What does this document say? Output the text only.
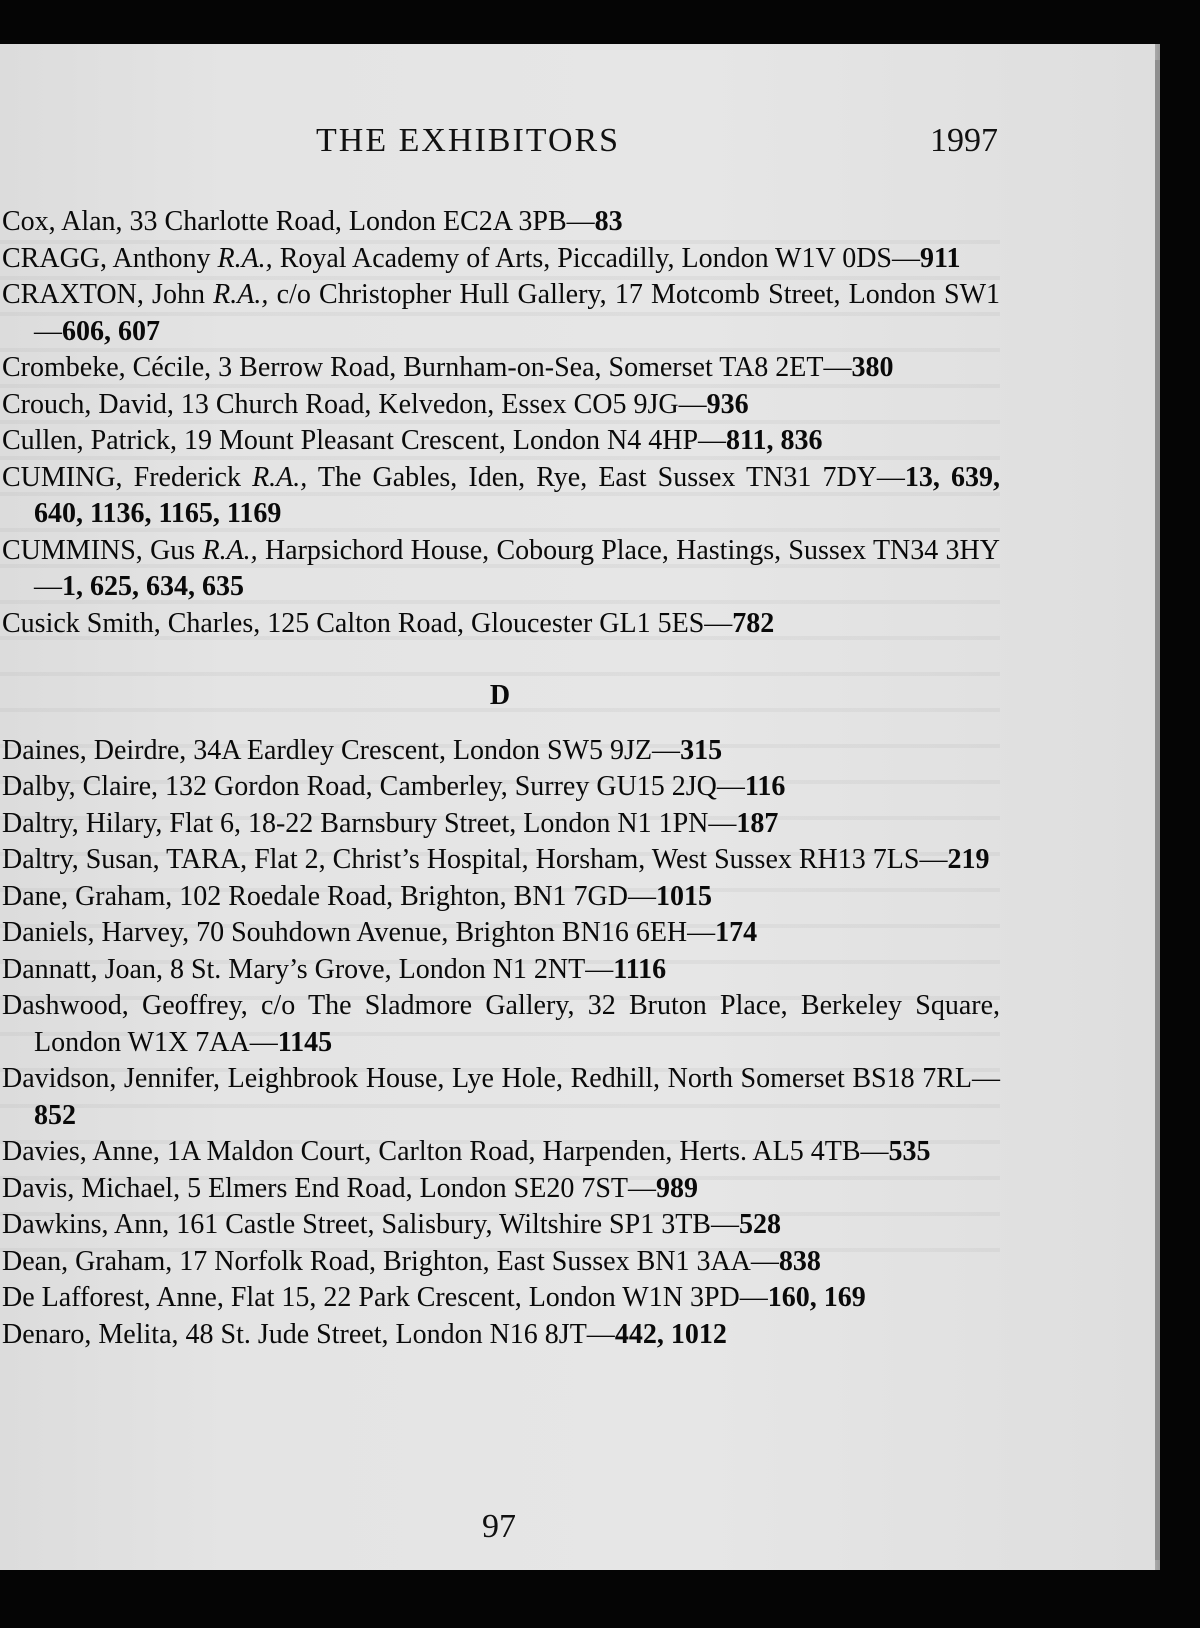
THE EXHIBITORS	1997
Cox, Alan, 33 Charlotte Road, London EC2A 3PB—83
CRAGG, Anthony R.A., Royal Academy of Arts, Piccadilly, London W1V 0DS—911
CRAXTON, John R.A., c/o Christopher Hull Gallery, 17 Motcomb Street, London SW1—606, 607
Crombeke, Cécile, 3 Berrow Road, Burnham-on-Sea, Somerset TA8 2ET—380
Crouch, David, 13 Church Road, Kelvedon, Essex CO5 9JG—936
Cullen, Patrick, 19 Mount Pleasant Crescent, London N4 4HP—811, 836
CUMING, Frederick R.A., The Gables, Iden, Rye, East Sussex TN31 7DY—13, 639, 640, 1136, 1165, 1169
CUMMINS, Gus R.A., Harpsichord House, Cobourg Place, Hastings, Sussex TN34 3HY—1, 625, 634, 635
Cusick Smith, Charles, 125 Calton Road, Gloucester GL1 5ES—782
D
Daines, Deirdre, 34A Eardley Crescent, London SW5 9JZ—315
Dalby, Claire, 132 Gordon Road, Camberley, Surrey GU15 2JQ—116
Daltry, Hilary, Flat 6, 18-22 Barnsbury Street, London N1 1PN—187
Daltry, Susan, TARA, Flat 2, Christ’s Hospital, Horsham, West Sussex RH13 7LS—219
Dane, Graham, 102 Roedale Road, Brighton, BN1 7GD—1015
Daniels, Harvey, 70 Souhdown Avenue, Brighton BN16 6EH—174
Dannatt, Joan, 8 St. Mary’s Grove, London N1 2NT—1116
Dashwood, Geoffrey, c/o The Sladmore Gallery, 32 Bruton Place, Berkeley Square, London W1X 7AA—1145
Davidson, Jennifer, Leighbrook House, Lye Hole, Redhill, North Somerset BS18 7RL—852
Davies, Anne, 1A Maldon Court, Carlton Road, Harpenden, Herts. AL5 4TB—535
Davis, Michael, 5 Elmers End Road, London SE20 7ST—989
Dawkins, Ann, 161 Castle Street, Salisbury, Wiltshire SP1 3TB—528
Dean, Graham, 17 Norfolk Road, Brighton, East Sussex BN1 3AA—838
De Lafforest, Anne, Flat 15, 22 Park Crescent, London W1N 3PD—160, 169
Denaro, Melita, 48 St. Jude Street, London N16 8JT—442, 1012
97
